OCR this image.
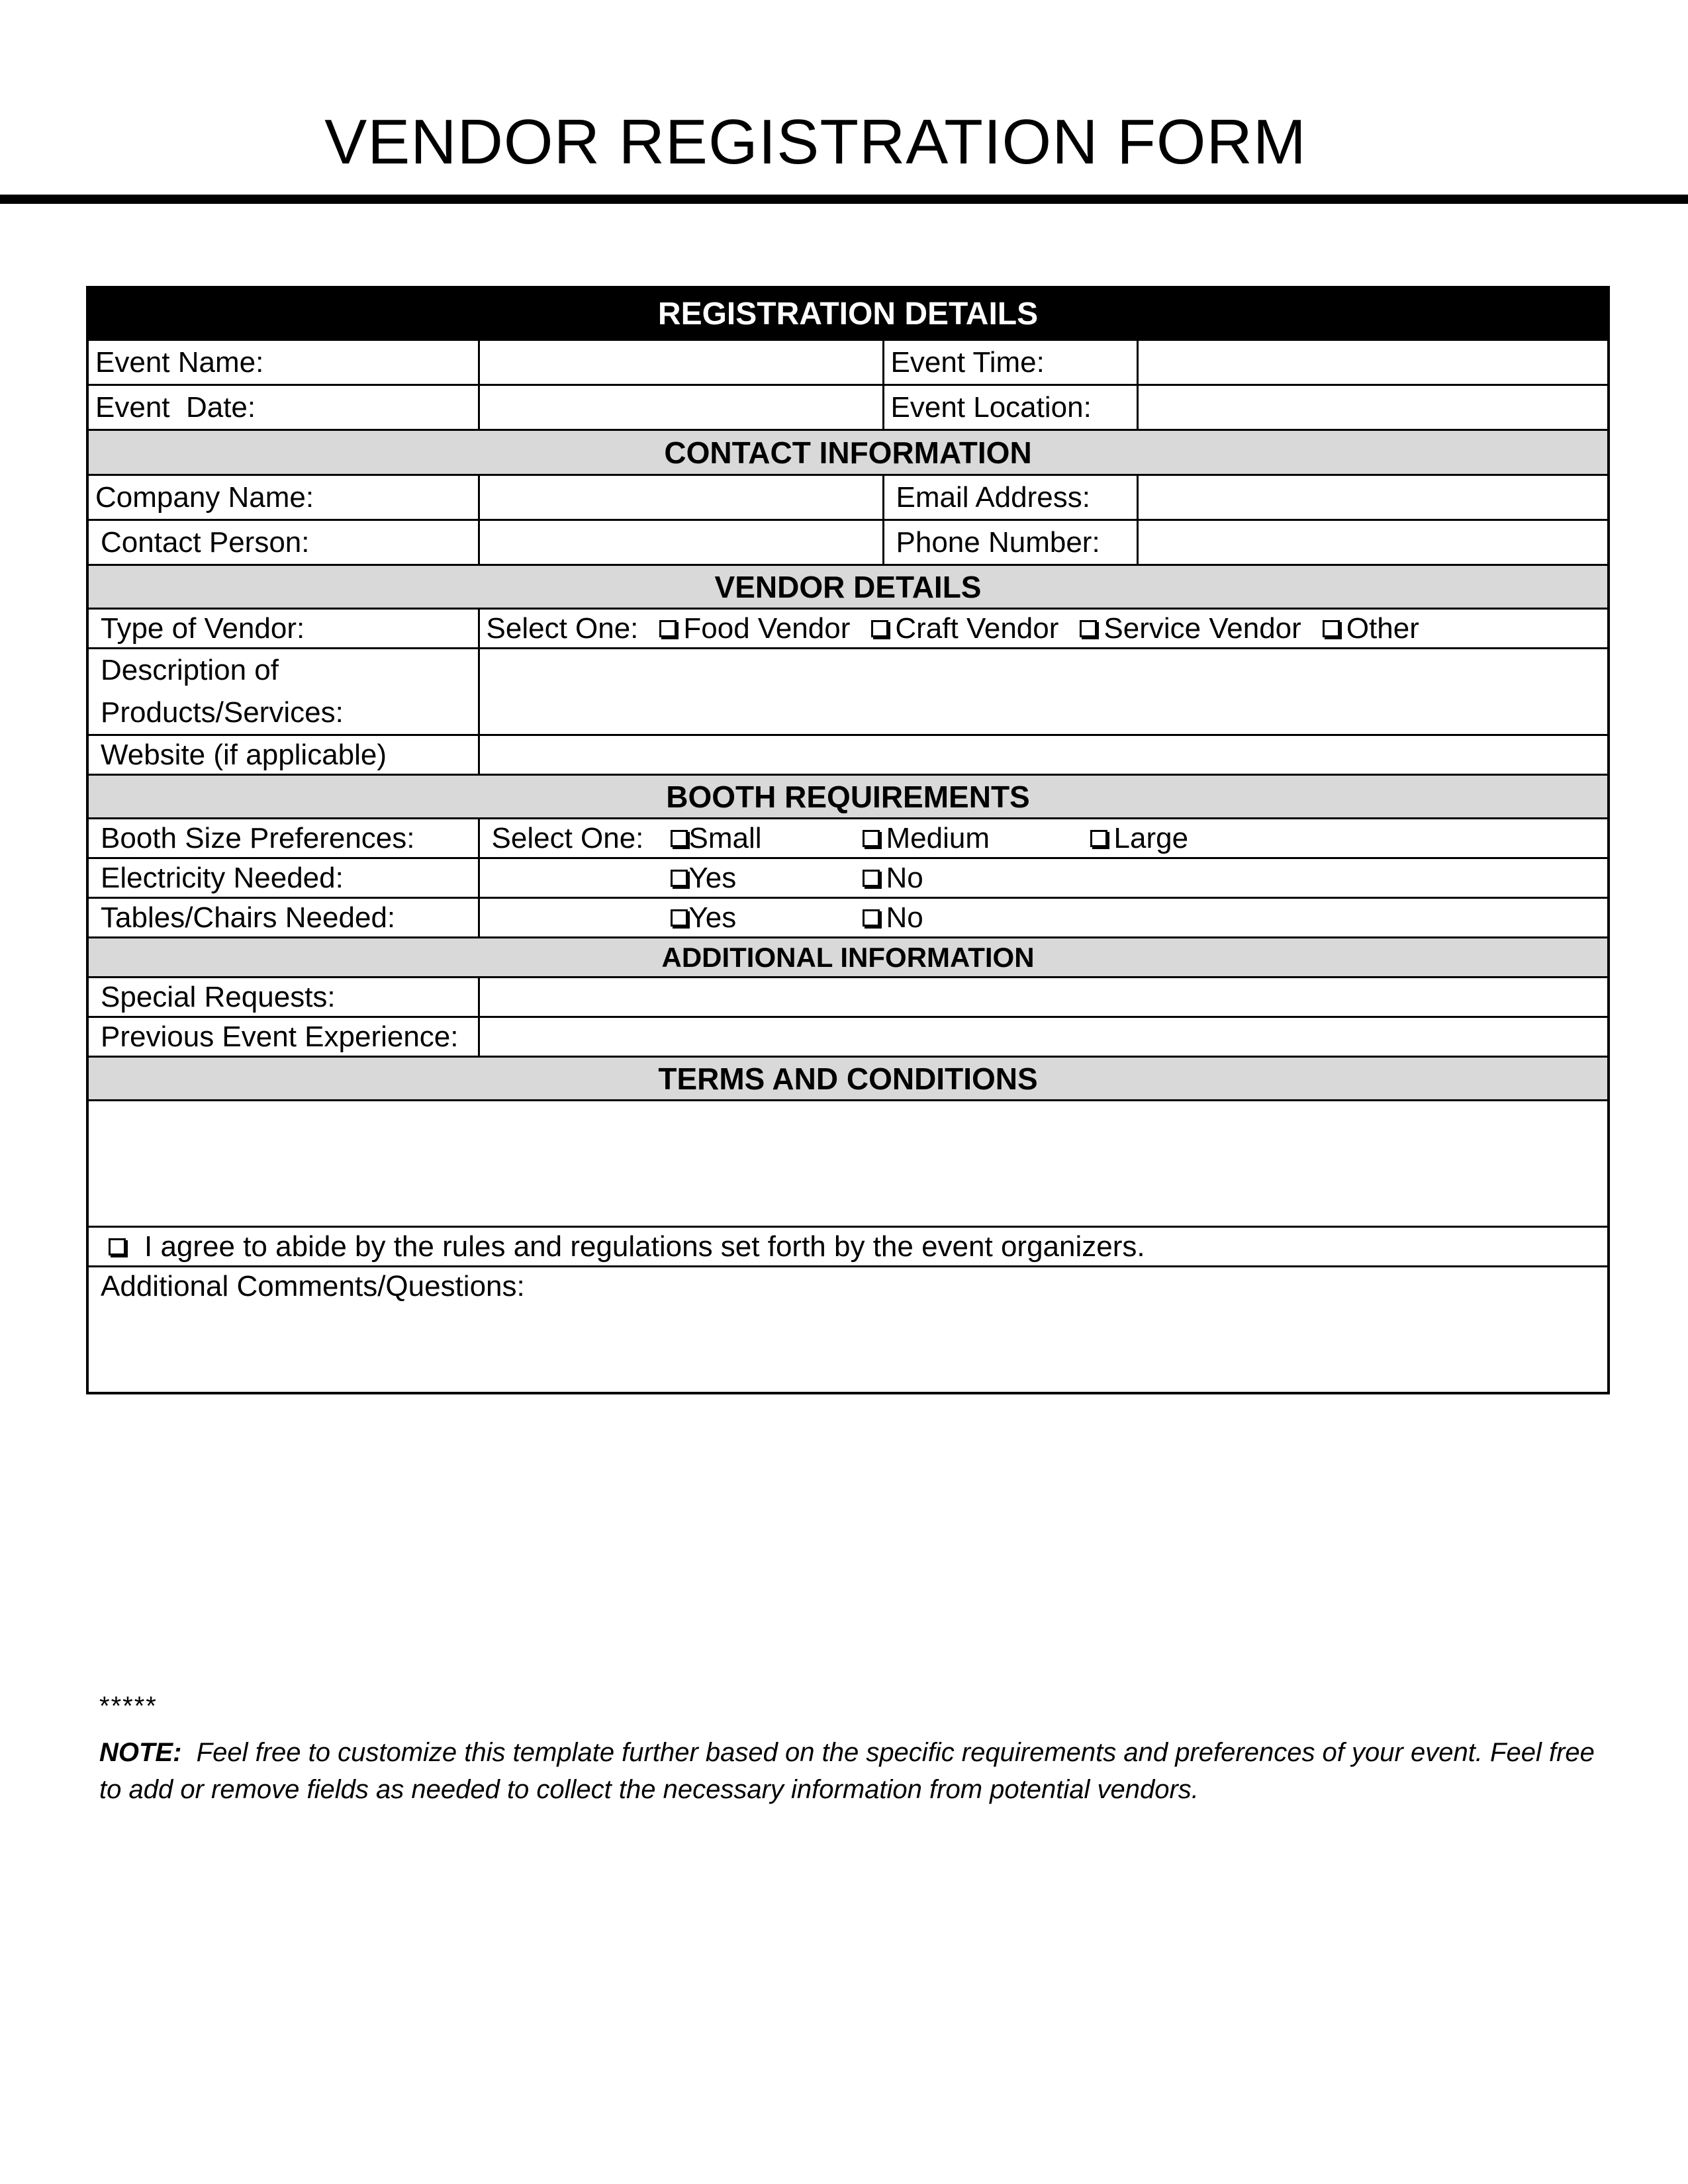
VENDOR REGISTRATION FORM
REGISTRATION DETAILS			
Event Name:		Event Time:	
Event  Date:		Event Location:	
CONTACT INFORMATION			
Company Name:		Email Address:	
Contact Person:		Phone Number:	
VENDOR DETAILS			
Type of Vendor:	Select One: Food Vendor Craft Vendor Service Vendor Other		

Description of Products/Services:			
Website (if applicable)			
BOOTH REQUIREMENTS			
Booth Size Preferences:	Select One: Small Medium Large		

Electricity Needed:	Yes No		

Tables/Chairs Needed:	Yes No		

ADDITIONAL INFORMATION			
Special Requests:			
Previous Event Experience:			
TERMS AND CONDITIONS			

I agree to abide by the rules and regulations set forth by the event organizers.			

Additional Comments/Questions:			
*****
NOTE: Feel free to customize this template further based on the specific requirements and preferences of your event. Feel free to add or remove fields as needed to collect the necessary information from potential vendors.
